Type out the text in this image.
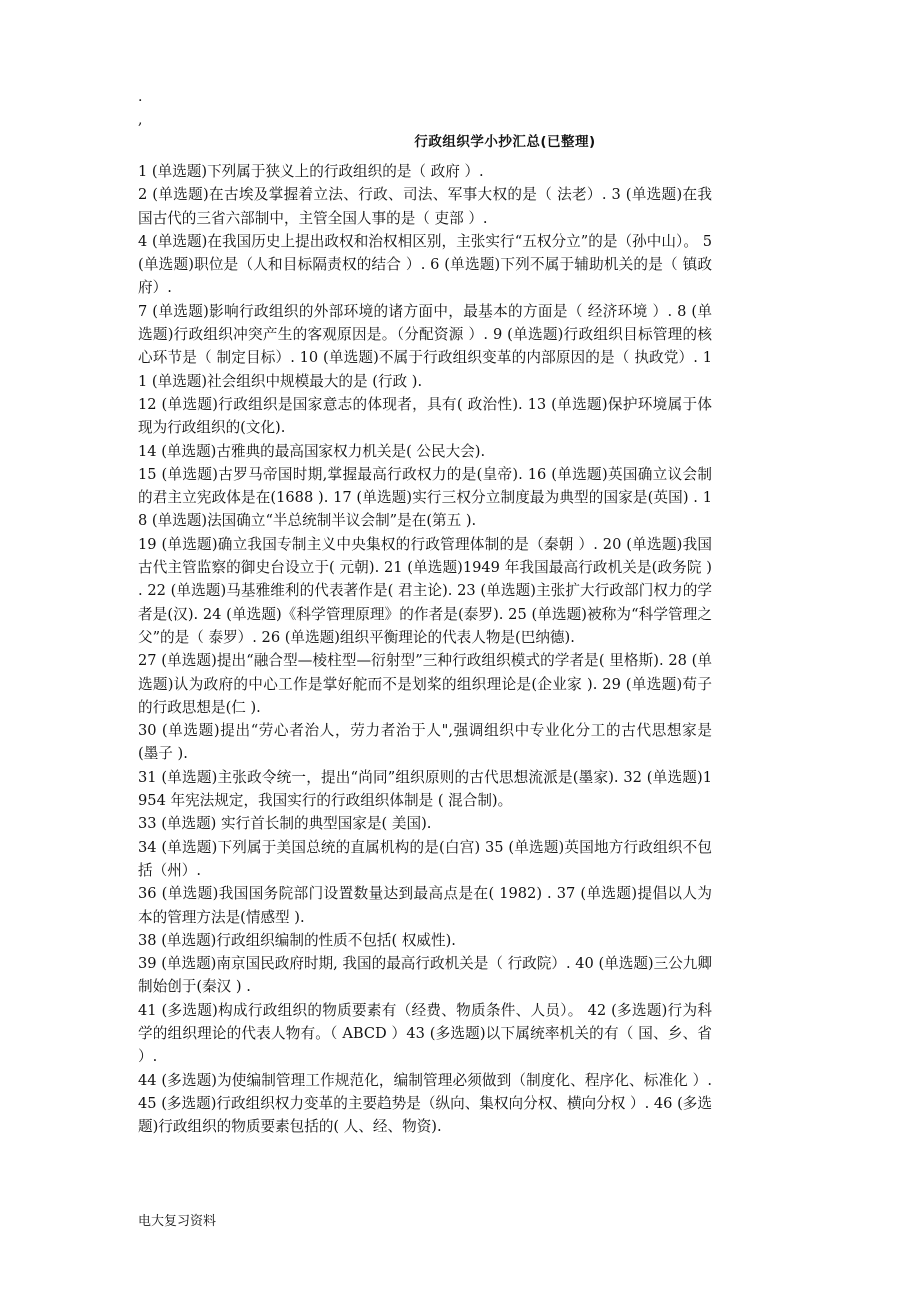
.
,
行政组织学小抄汇总(已整理)

1 (单选题)下列属于狭义上的行政组织的是（ 政府 ）.

2 (单选题)在古埃及掌握着立法、行政、司法、军事大权的是（ 法老）. 3 (单选题)在我国古代的三省六部制中，主管全国人事的是（ 吏部 ）.

4 (单选题)在我国历史上提出政权和治权相区别，主张实行“五权分立”的是（孙中山）。 5 (单选题)职位是（人和目标隔责权的结合 ）. 6 (单选题)下列不属于辅助机关的是（ 镇政府）.

7 (单选题)影响行政组织的外部环境的诸方面中，最基本的方面是（ 经济环境 ）. 8 (单选题)行政组织冲突产生的客观原因是。（分配资源 ）. 9 (单选题)行政组织目标管理的核心环节是（ 制定目标）. 10 (单选题)不属于行政组织变革的内部原因的是（ 执政党）. 11 (单选题)社会组织中规模最大的是 (行政 ).

12 (单选题)行政组织是国家意志的体现者，具有( 政治性). 13 (单选题)保护环境属于体现为行政组织的(文化).

14 (单选题)古雅典的最高国家权力机关是( 公民大会).

15 (单选题)古罗马帝国时期,掌握最高行政权力的是(皇帝). 16 (单选题)英国确立议会制的君主立宪政体是在(1688 ). 17 (单选题)实行三权分立制度最为典型的国家是(英国) . 18 (单选题)法国确立“半总统制半议会制”是在(第五 ).

19 (单选题)确立我国专制主义中央集权的行政管理体制的是（秦朝 ）. 20 (单选题)我国古代主管监察的御史台设立于( 元朝). 21 (单选题)1949 年我国最高行政机关是(政务院 ) . 22 (单选题)马基雅维利的代表著作是( 君主论). 23 (单选题)主张扩大行政部门权力的学者是(汉). 24 (单选题)《科学管理原理》的作者是(泰罗). 25 (单选题)被称为“科学管理之父”的是（ 泰罗）. 26 (单选题)组织平衡理论的代表人物是(巴纳德).

27 (单选题)提出“融合型—棱柱型—衍射型”三种行政组织模式的学者是( 里格斯). 28 (单选题)认为政府的中心工作是掌好舵而不是划桨的组织理论是(企业家 ). 29 (单选题)荀子的行政思想是(仁 ).

30 (单选题)提出“劳心者治人，劳力者治于人",强调组织中专业化分工的古代思想家是 (墨子 ).

31 (单选题)主张政令统一，提出“尚同”组织原则的古代思想流派是(墨家). 32 (单选题)1954 年宪法规定，我国实行的行政组织体制是 ( 混合制)。

33 (单选题) 实行首长制的典型国家是( 美国).

34 (单选题)下列属于美国总统的直属机构的是(白宫) 35 (单选题)英国地方行政组织不包括（州）.

36 (单选题)我国国务院部门设置数量达到最高点是在( 1982) . 37 (单选题)提倡以人为本的管理方法是(情感型 ).

38 (单选题)行政组织编制的性质不包括( 权威性).

39 (单选题)南京国民政府时期, 我国的最高行政机关是（ 行政院）. 40 (单选题)三公九卿制始创于(秦汉 ) .

41 (多选题)构成行政组织的物质要素有（经费、物质条件、人员）。 42 (多选题)行为科学的组织理论的代表人物有。（ ABCD ）43 (多选题)以下属统率机关的有（ 国、乡、省 ）.

44 (多选题)为使编制管理工作规范化，编制管理必须做到（制度化、程序化、标准化 ）. 45 (多选题)行政组织权力变革的主要趋势是（纵向、集权向分权、横向分权 ）. 46 (多选题)行政组织的物质要素包括的( 人、经、物资).

电大复习资料
